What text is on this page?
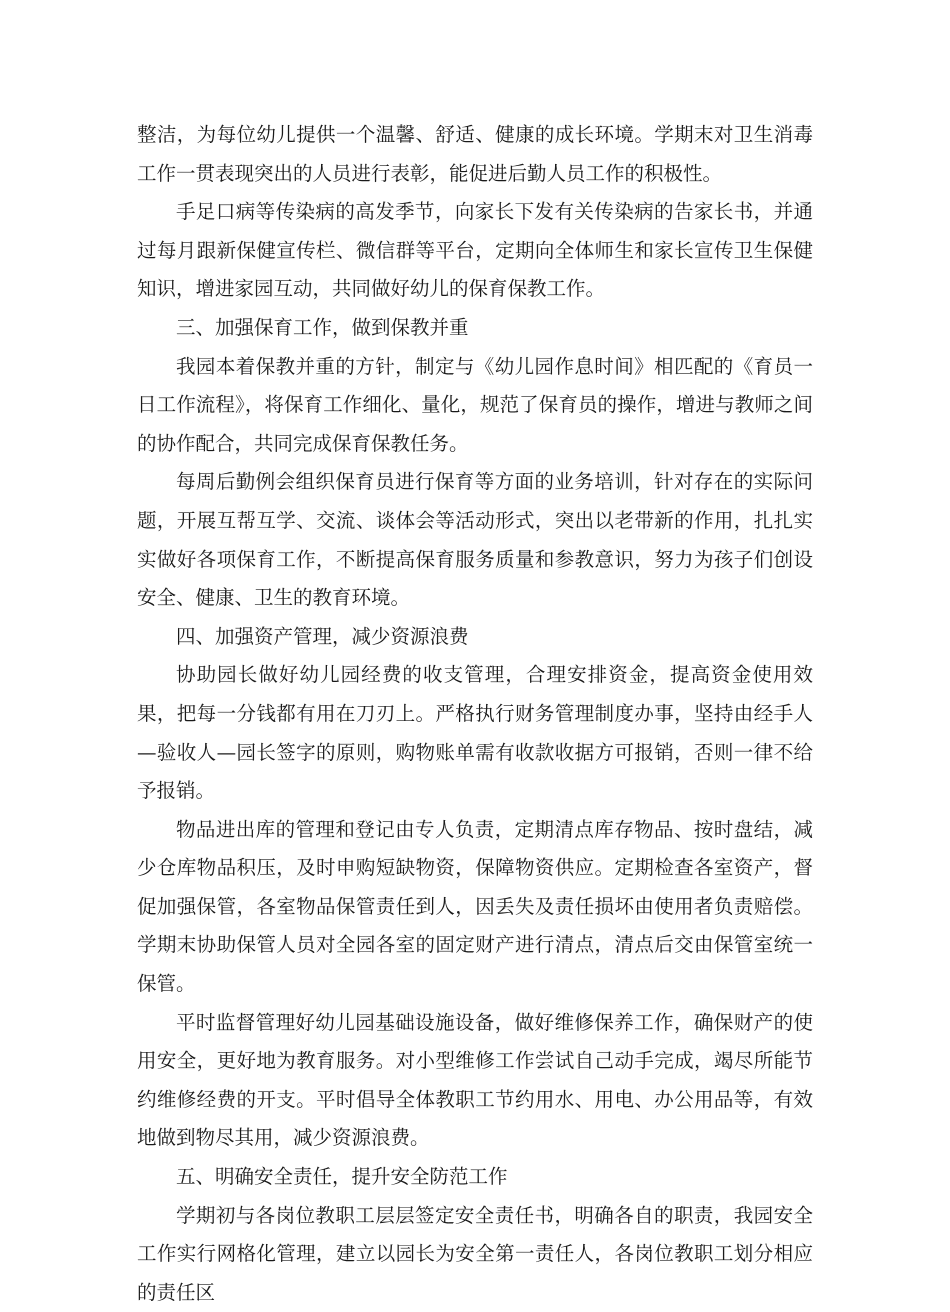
整洁，为每位幼儿提供一个温馨、舒适、健康的成长环境。学期末对卫生消毒工作一贯表现突出的人员进行表彰，能促进后勤人员工作的积极性。

手足口病等传染病的高发季节，向家长下发有关传染病的告家长书，并通过每月跟新保健宣传栏、微信群等平台，定期向全体师生和家长宣传卫生保健知识，增进家园互动，共同做好幼儿的保育保教工作。

三、加强保育工作，做到保教并重

我园本着保教并重的方针，制定与《幼儿园作息时间》相匹配的《育员一日工作流程》，将保育工作细化、量化，规范了保育员的操作，增进与教师之间的协作配合，共同完成保育保教任务。

每周后勤例会组织保育员进行保育等方面的业务培训，针对存在的实际问题，开展互帮互学、交流、谈体会等活动形式，突出以老带新的作用，扎扎实实做好各项保育工作，不断提高保育服务质量和参教意识，努力为孩子们创设安全、健康、卫生的教育环境。

四、加强资产管理，减少资源浪费

协助园长做好幼儿园经费的收支管理，合理安排资金，提高资金使用效果，把每一分钱都有用在刀刃上。严格执行财务管理制度办事，坚持由经手人—验收人—园长签字的原则，购物账单需有收款收据方可报销，否则一律不给予报销。

物品进出库的管理和登记由专人负责，定期清点库存物品、按时盘结，减少仓库物品积压，及时申购短缺物资，保障物资供应。定期检查各室资产，督促加强保管，各室物品保管责任到人，因丢失及责任损坏由使用者负责赔偿。学期末协助保管人员对全园各室的固定财产进行清点，清点后交由保管室统一保管。

平时监督管理好幼儿园基础设施设备，做好维修保养工作，确保财产的使用安全，更好地为教育服务。对小型维修工作尝试自己动手完成，竭尽所能节约维修经费的开支。平时倡导全体教职工节约用水、用电、办公用品等，有效地做到物尽其用，减少资源浪费。

五、明确安全责任，提升安全防范工作

学期初与各岗位教职工层层签定安全责任书，明确各自的职责，我园安全工作实行网格化管理，建立以园长为安全第一责任人，各岗位教职工划分相应的责任区
